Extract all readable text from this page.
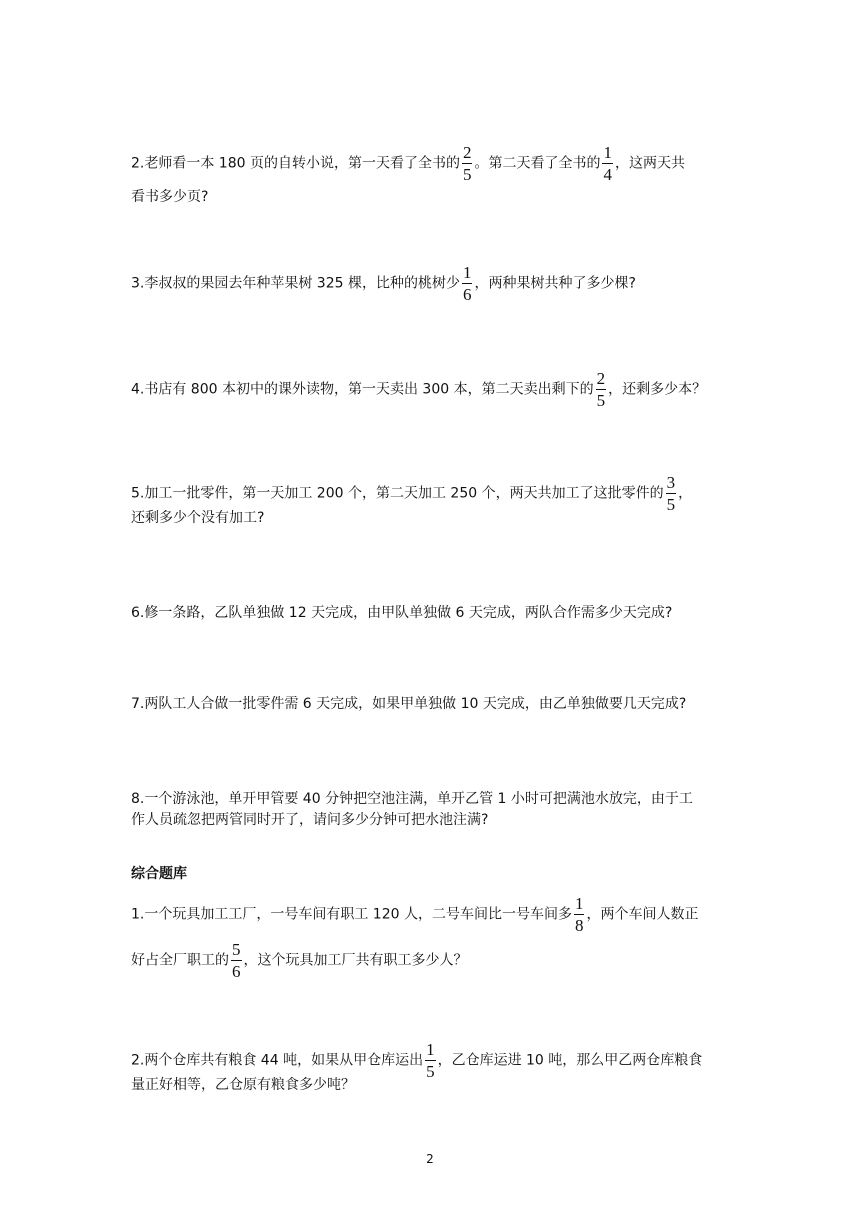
2.老师看一本 180 页的自转小说，第一天看了全书的 $\frac{2}{5}$ 。第二天看了全书的 $\frac{1}{4}$ ，这两天共
看书多少页?
3.李叔叔的果园去年种苹果树 325 棵，比种的桃树少 $\frac{1}{6}$ ，两种果树共种了多少棵?
4.书店有 800 本初中的课外读物，第一天卖出 300 本，第二天卖出剩下的 $\frac{2}{5}$ ，还剩多少本？
5.加工一批零件，第一天加工 200 个，第二天加工 250 个，两天共加工了这批零件的 $\frac{3}{5}$ ，
还剩多少个没有加工?
6.修一条路，乙队单独做 12 天完成，由甲队单独做 6 天完成，两队合作需多少天完成?
7.两队工人合做一批零件需 6 天完成，如果甲单独做 10 天完成，由乙单独做要几天完成?
8.一个游泳池，单开甲管要 40 分钟把空池注满，单开乙管 1 小时可把满池水放完，由于工
作人员疏忽把两管同时开了，请问多少分钟可把水池注满?
综合题库
1.一个玩具加工工厂，一号车间有职工 120 人，二号车间比一号车间多 $\frac{1}{8}$ ，两个车间人数正
好占全厂职工的 $\frac{5}{6}$ ，这个玩具加工厂共有职工多少人？
2.两个仓库共有粮食 44 吨，如果从甲仓库运出 $\frac{1}{5}$ ，乙仓库运进 10 吨，那么甲乙两仓库粮食
量正好相等，乙仓原有粮食多少吨？
2
